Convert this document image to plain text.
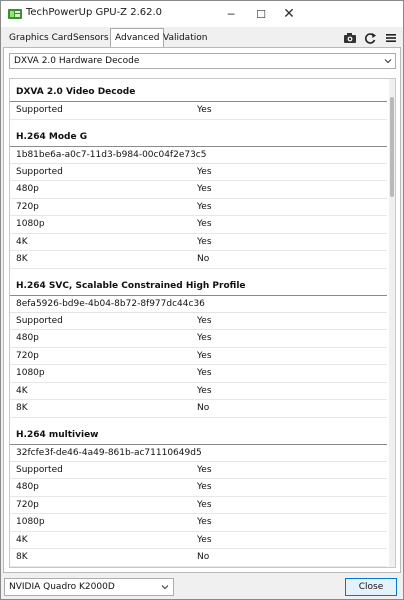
TechPowerUp GPU-Z 2.62.0	─ ☐ ✕
Graphics Card Sensors Advanced Validation
DXVA 2.0 Hardware Decode
DXVA 2.0 Video Decode
Supported	Yes
H.264 Mode G
1b81be6a-a0c7-11d3-b984-00c04f2e73c5
Supported	Yes
480p	Yes
720p	Yes
1080p	Yes
4K	Yes
8K	No
H.264 SVC, Scalable Constrained High Profile
8efa5926-bd9e-4b04-8b72-8f977dc44c36
Supported	Yes
480p	Yes
720p	Yes
1080p	Yes
4K	Yes
8K	No
H.264 multiview
32fcfe3f-de46-4a49-861b-ac71110649d5
Supported	Yes
480p	Yes
720p	Yes
1080p	Yes
4K	Yes
8K	No
NVIDIA Quadro K2000D	Close
